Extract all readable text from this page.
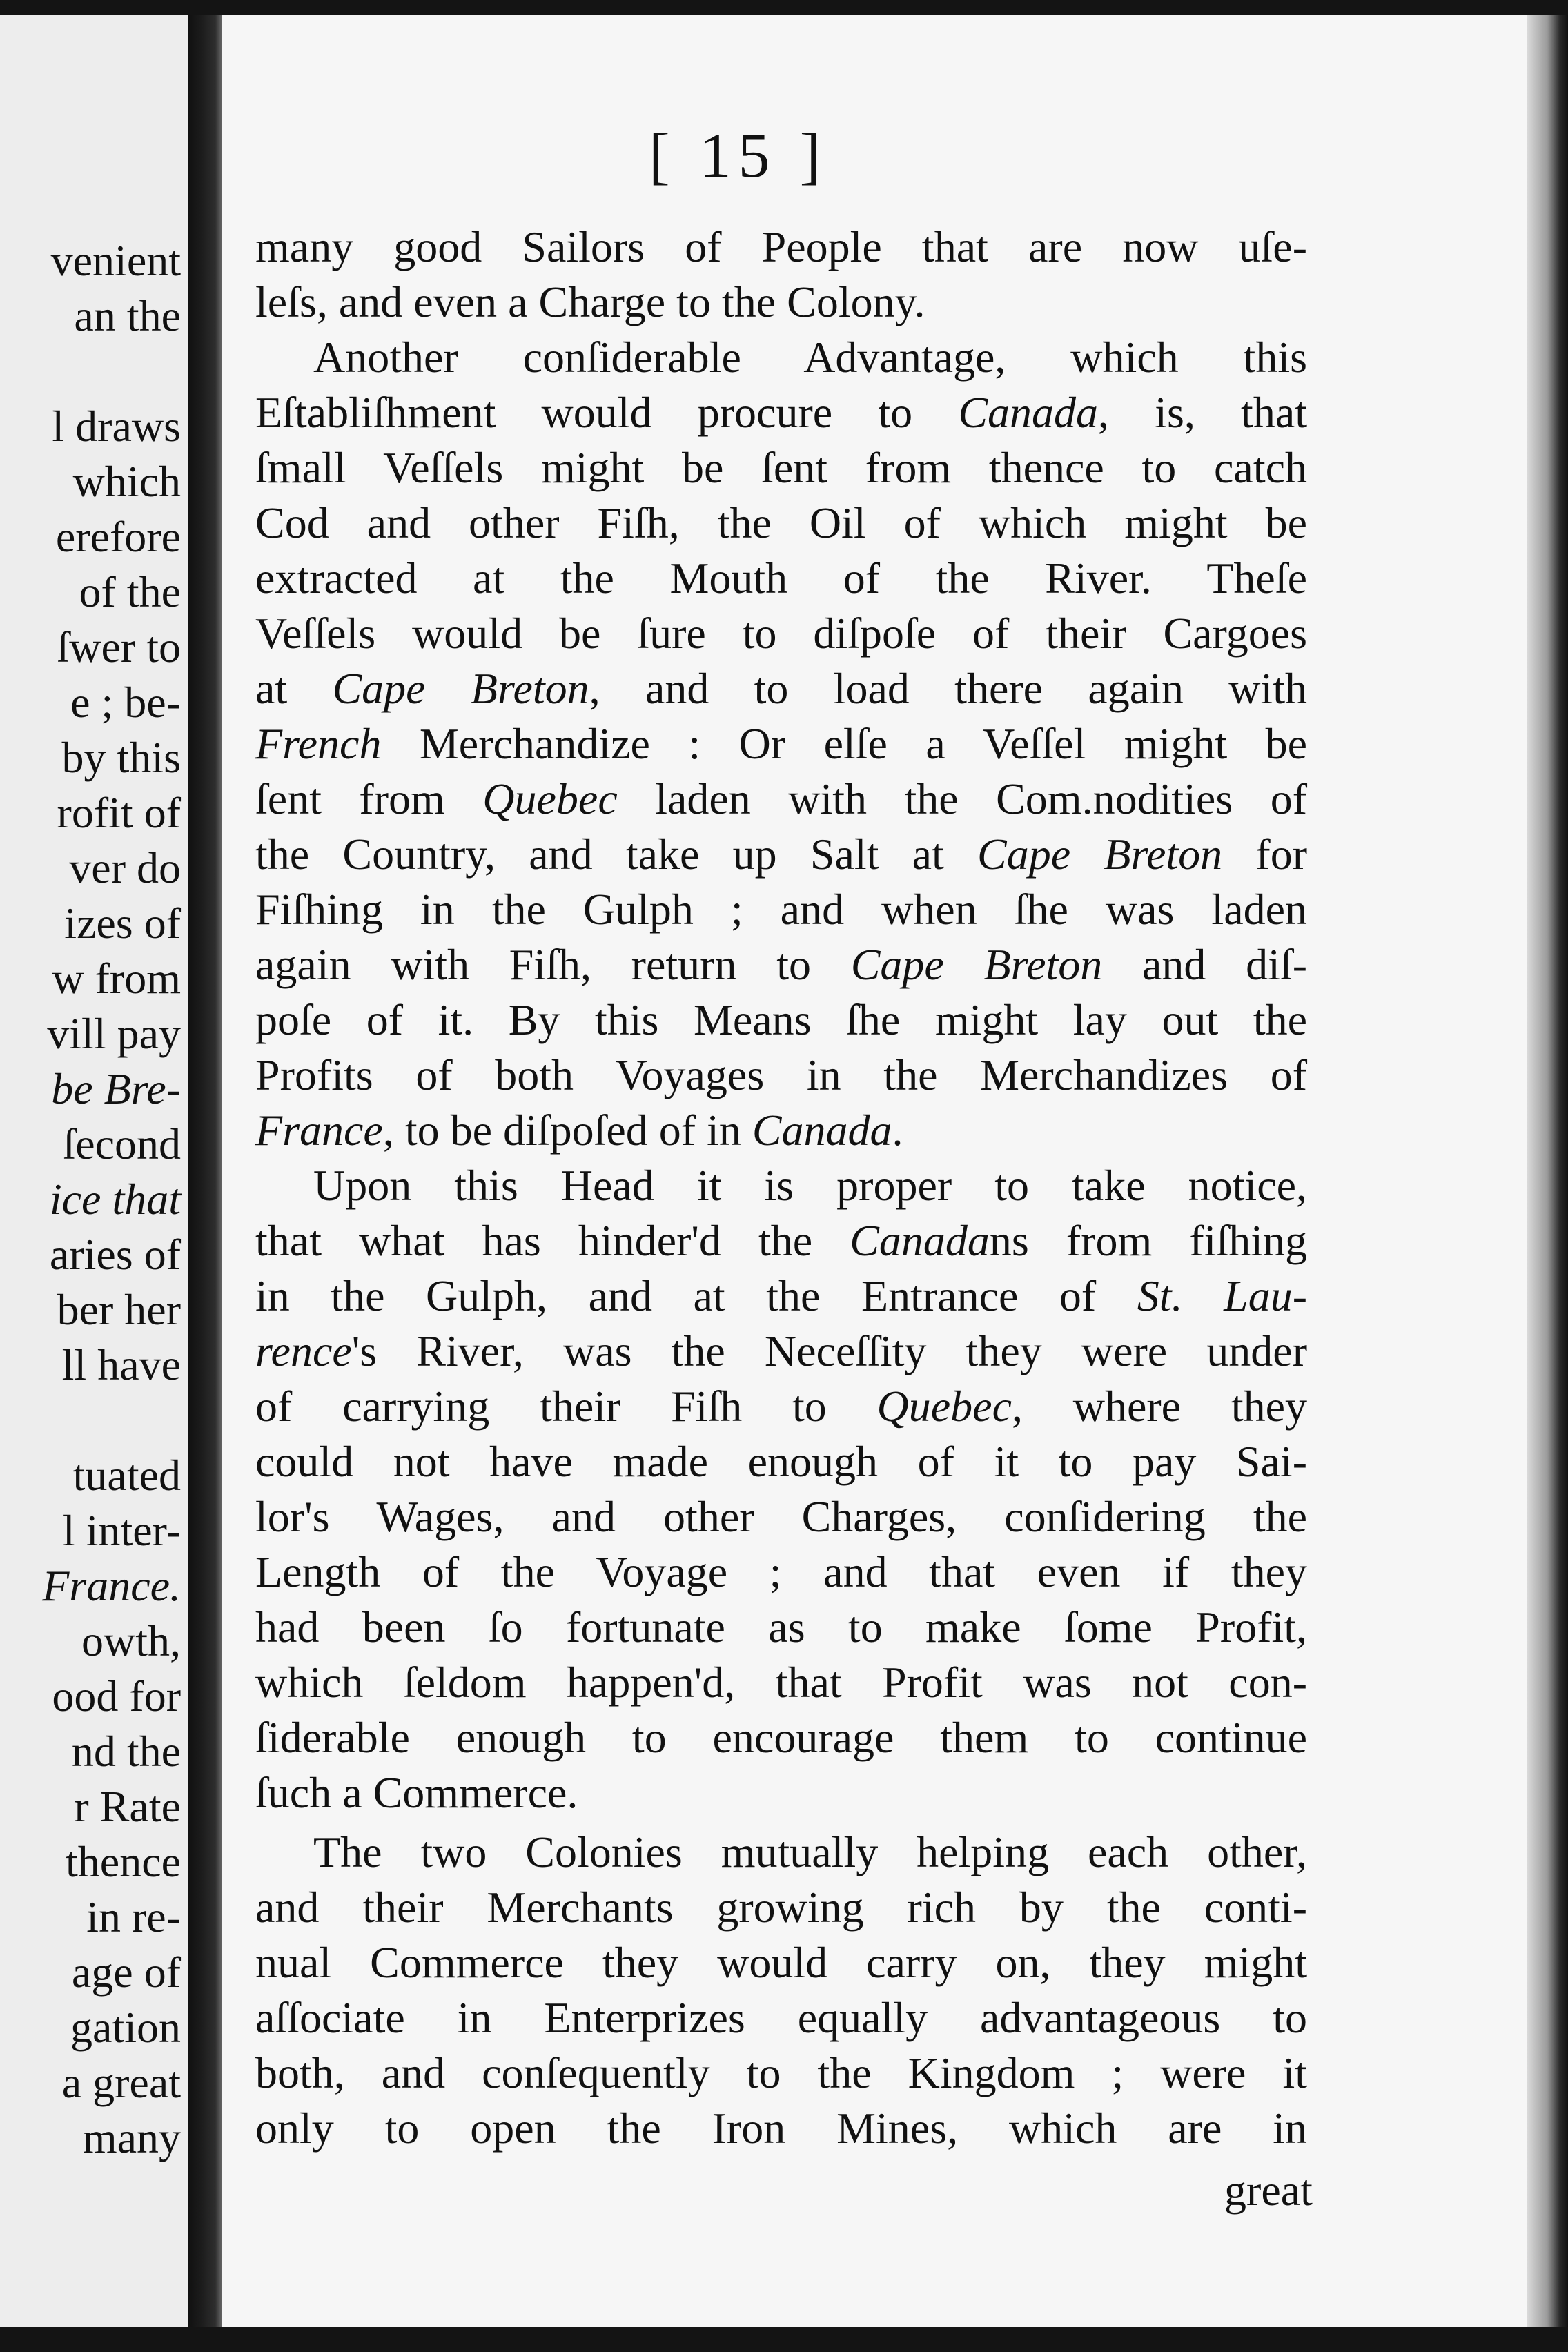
venient

an the

l draws

which

erefore

of the

ſwer to

e ; be-

by this

rofit of

ver do

izes of

w from

vill pay

be Bre-

ſecond

ice that

aries of

ber her

ll have

tuated

l inter-

France.

owth,

ood for

nd the

r Rate

thence

in re-

age of

gation

a great

many

[ 15 ]

many good Sailors of People that are now uſe-

leſs, and even a Charge to the Colony.

Another conſiderable Advantage, which this

Eſtabliſhment would procure to Canada, is, that

ſmall Veſſels might be ſent from thence to catch

Cod and other Fiſh, the Oil of which might be

extracted at the Mouth of the River. Theſe

Veſſels would be ſure to diſpoſe of their Cargoes

at Cape Breton, and to load there again with

French Merchandize : Or elſe a Veſſel might be

ſent from Quebec laden with the Com.nodities of

the Country, and take up Salt at Cape Breton for

Fiſhing in the Gulph ; and when ſhe was laden

again with Fiſh, return to Cape Breton and diſ-

poſe of it. By this Means ſhe might lay out the

Profits of both Voyages in the Merchandizes of

France, to be diſpoſed of in Canada.

Upon this Head it is proper to take notice,

that what has hinder'd the Canadans from fiſhing

in the Gulph, and at the Entrance of St. Lau-

rence's River, was the Neceſſity they were under

of carrying their Fiſh to Quebec, where they

could not have made enough of it to pay Sai-

lor's Wages, and other Charges, conſidering the

Length of the Voyage ; and that even if they

had been ſo fortunate as to make ſome Profit,

which ſeldom happen'd, that Profit was not con-

ſiderable enough to encourage them to continue

ſuch a Commerce.

The two Colonies mutually helping each other,

and their Merchants growing rich by the conti-

nual Commerce they would carry on, they might

aſſociate in Enterprizes equally advantageous to

both, and conſequently to the Kingdom ; were it

only to open the Iron Mines, which are in

great
